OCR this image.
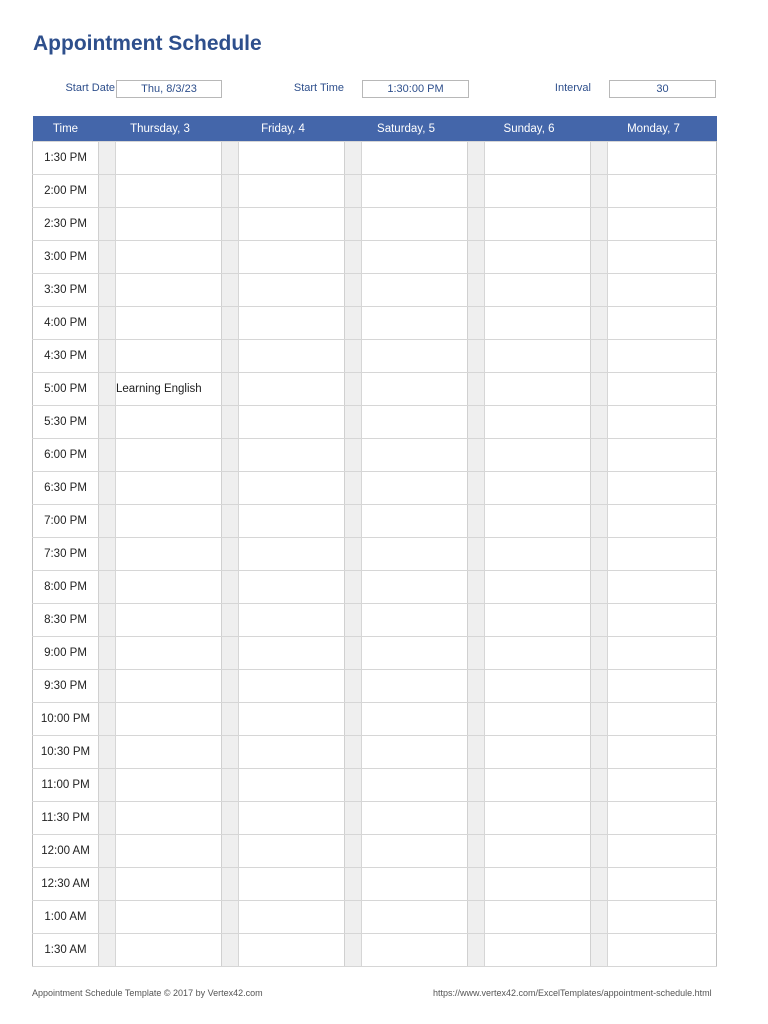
Appointment Schedule
Start Date	Thu, 8/3/23	Start Time	1:30:00 PM	Interval	30
Time	Thursday, 3		Friday, 4		Saturday, 5		Sunday, 6		Monday, 7	
1:30 PM										
2:00 PM										
2:30 PM										
3:00 PM										
3:30 PM										
4:00 PM										
4:30 PM										
5:00 PM		Learning English								
5:30 PM										
6:00 PM										
6:30 PM										
7:00 PM										
7:30 PM										
8:00 PM										
8:30 PM										
9:00 PM										
9:30 PM										
10:00 PM										
10:30 PM										
11:00 PM										
11:30 PM										
12:00 AM										
12:30 AM										
1:00 AM										
1:30 AM										
Appointment Schedule Template © 2017 by Vertex42.com	https://www.vertex42.com/ExcelTemplates/appointment-schedule.html
